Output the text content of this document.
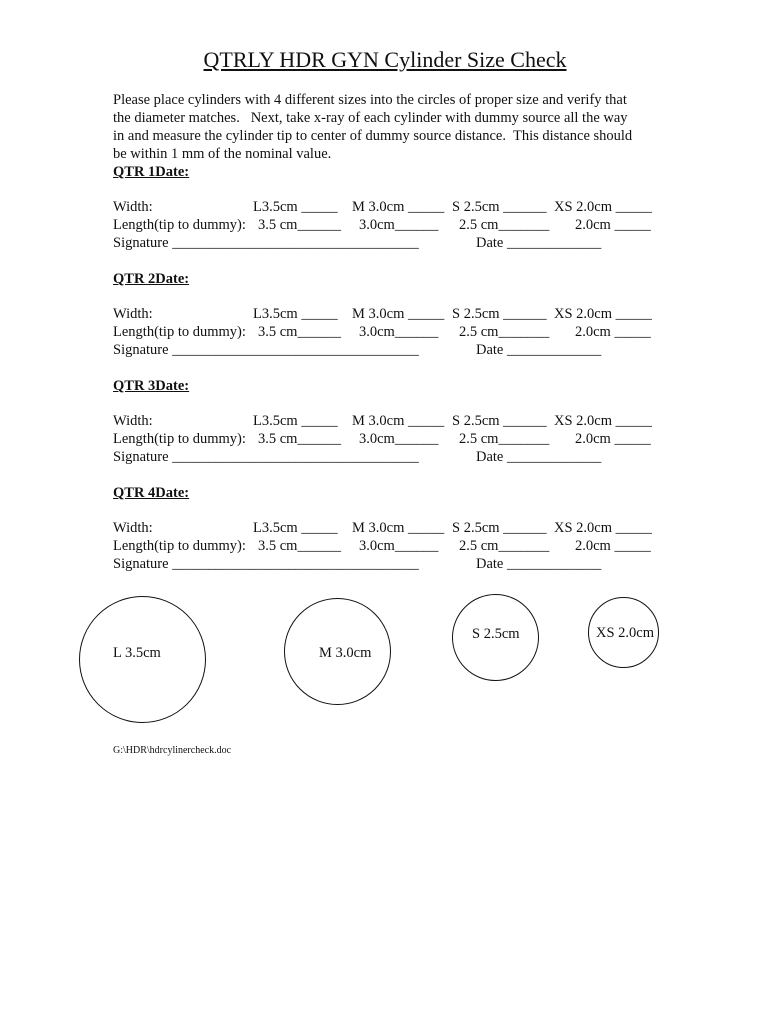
QTRLY HDR GYN Cylinder Size Check
Please place cylinders with 4 different sizes into the circles of proper size and verify that
the diameter matches.   Next, take x-ray of each cylinder with dummy source all the way
in and measure the cylinder tip to center of dummy source distance.  This distance should
be within 1 mm of the nominal value.
QTR 1Date:
Width:	L3.5cm _____ M 3.0cm _____ S 2.5cm ______ XS 2.0cm _____
Length(tip to dummy): 3.5 cm______ 3.0cm______ 2.5 cm_______ 2.0cm _____
Signature __________________________________	Date _____________
QTR 2Date:
Width:	L3.5cm _____ M 3.0cm _____ S 2.5cm ______ XS 2.0cm _____
Length(tip to dummy): 3.5 cm______ 3.0cm______ 2.5 cm_______ 2.0cm _____
Signature __________________________________	Date _____________
QTR 3Date:
Width:	L3.5cm _____ M 3.0cm _____ S 2.5cm ______ XS 2.0cm _____
Length(tip to dummy): 3.5 cm______ 3.0cm______ 2.5 cm_______ 2.0cm _____
Signature __________________________________	Date _____________
QTR 4Date:
Width:	L3.5cm _____ M 3.0cm _____ S 2.5cm ______ XS 2.0cm _____
Length(tip to dummy): 3.5 cm______ 3.0cm______ 2.5 cm_______ 2.0cm _____
Signature __________________________________	Date _____________
L 3.5cm	M 3.0cm
S 2.5cm	XS 2.0cm
G:\HDR\hdrcylinercheck.doc
